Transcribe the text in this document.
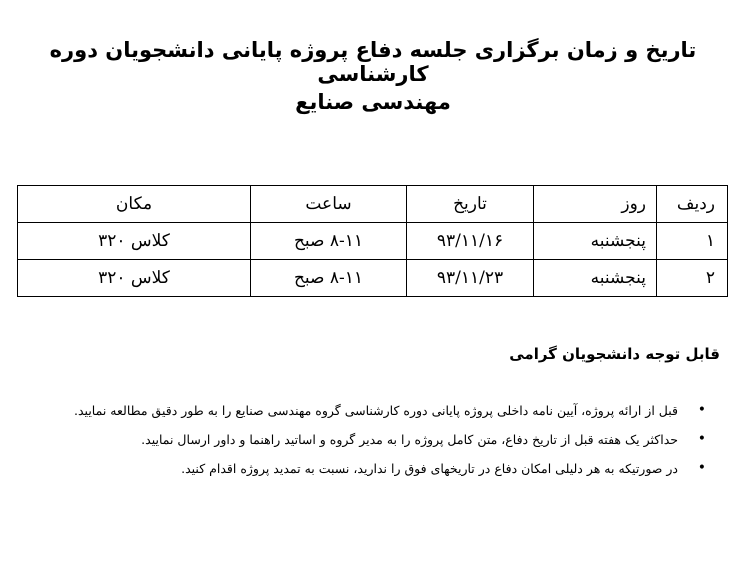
تاریخ و زمان برگزاری جلسه دفاع پروژه پایانی دانشجویان دوره کارشناسی
مهندسی صنایع
ردیف	روز	تاریخ	ساعت	مکان
١	پنجشنبه	٩٣/١١/١۶	١١-٨ صبح	کلاس ٣٢٠
٢	پنجشنبه	٩٣/١١/٢٣	١١-٨ صبح	کلاس ٣٢٠
قابل توجه دانشجویان گرامی
•
قبل از ارائه پروژه، آیین نامه داخلی پروژه پایانی دوره کارشناسی گروه مهندسی صنایع را به طور دقیق مطالعه نمایید.
•
حداکثر یک هفته قبل از تاریخ دفاع، متن کامل پروژه را به مدیر گروه و اساتید راهنما و داور ارسال نمایید.
•
در صورتیکه به هر دلیلی امکان دفاع در تاریخهای فوق را ندارید، نسبت به تمدید پروژه اقدام کنید.
